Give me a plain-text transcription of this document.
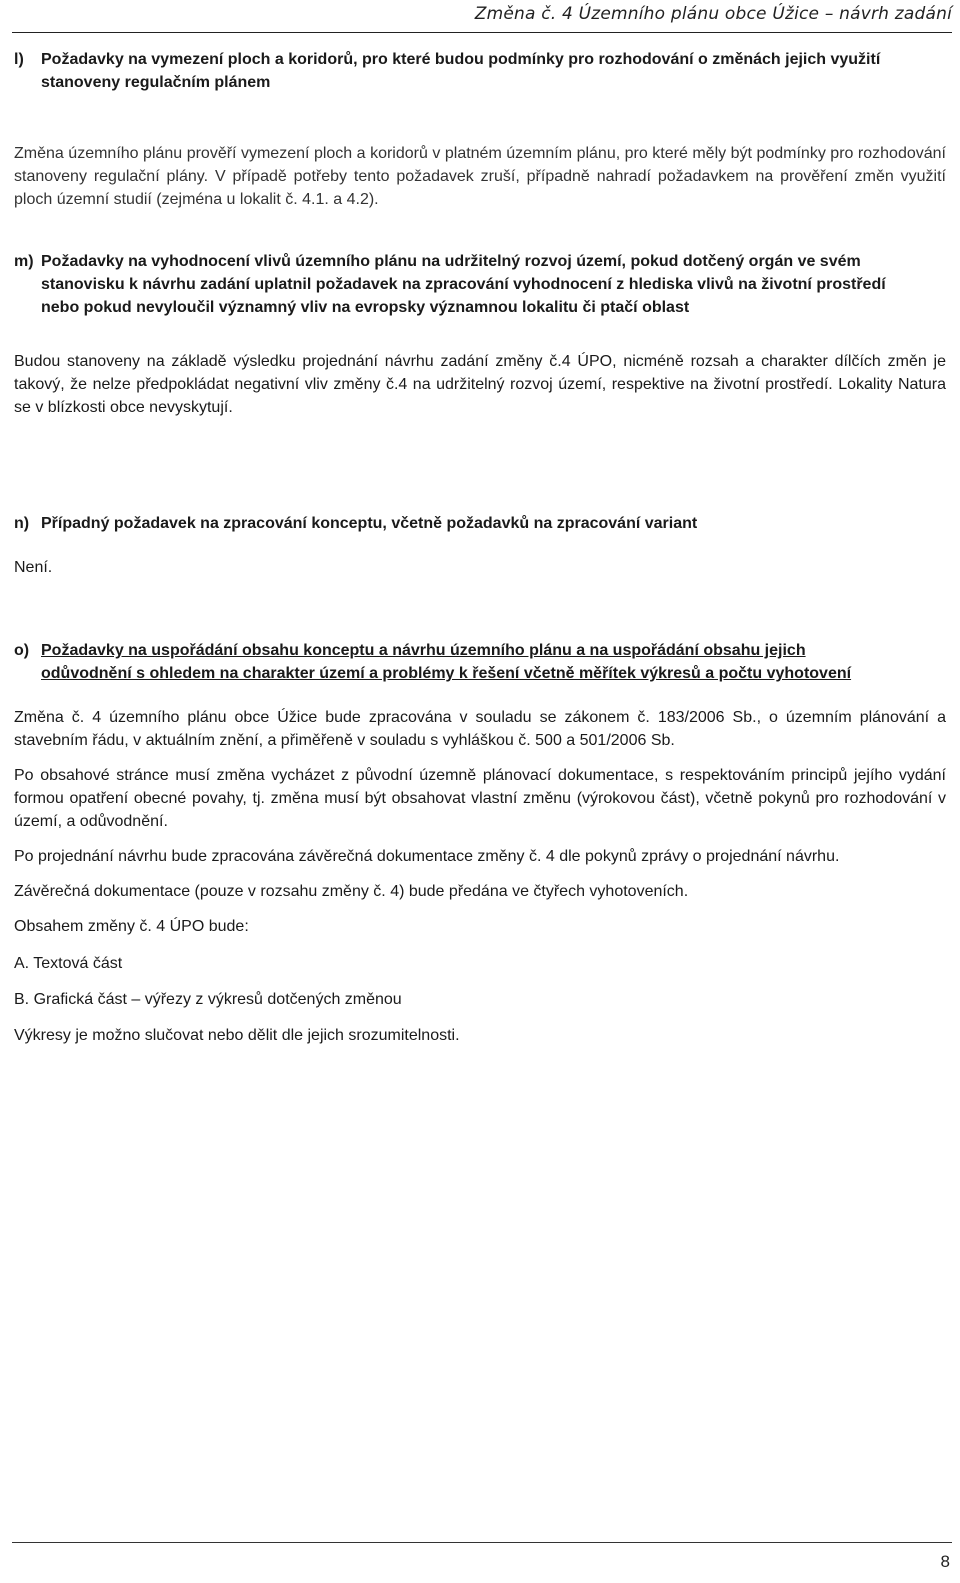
Změna č. 4 Územního plánu obce Úžice – návrh zadání
l) Požadavky na vymezení ploch a koridorů, pro které budou podmínky pro rozhodování o změnách jejich využití
stanoveny regulačním plánem

Změna územního plánu prověří vymezení ploch a koridorů v platném územním plánu, pro které měly být podmínky pro rozhodování stanoveny regulační plány. V případě potřeby tento požadavek zruší, případně nahradí požadavkem na prověření změn využití ploch územní studií (zejména u lokalit č. 4.1. a 4.2).

m) Požadavky na vyhodnocení vlivů územního plánu na udržitelný rozvoj území, pokud dotčený orgán ve svém
stanovisku k návrhu zadání uplatnil požadavek na zpracování vyhodnocení z hlediska vlivů na životní prostředí
nebo pokud nevyloučil významný vliv na evropsky významnou lokalitu či ptačí oblast

Budou stanoveny na základě výsledku projednání návrhu zadání změny č.4 ÚPO, nicméně rozsah a charakter dílčích změn je takový, že nelze předpokládat negativní vliv změny č.4 na udržitelný rozvoj území, respektive na životní prostředí. Lokality Natura se v blízkosti obce nevyskytují.

n) Případný požadavek na zpracování konceptu, včetně požadavků na zpracování variant

Není.

o) Požadavky na uspořádání obsahu konceptu a návrhu územního plánu a na uspořádání obsahu jejich
odůvodnění s ohledem na charakter území a problémy k řešení včetně měřítek výkresů a počtu vyhotovení

Změna č. 4 územního plánu obce Úžice bude zpracována v souladu se zákonem č. 183/2006 Sb., o územním plánování a stavebním řádu, v aktuálním znění, a přiměřeně v souladu s vyhláškou č. 500 a 501/2006 Sb.

Po obsahové stránce musí změna vycházet z původní územně plánovací dokumentace, s respektováním principů jejího vydání formou opatření obecné povahy, tj. změna musí být obsahovat vlastní změnu (výrokovou část), včetně pokynů pro rozhodování v území, a odůvodnění.

Po projednání návrhu bude zpracována závěrečná dokumentace změny č. 4 dle pokynů zprávy o projednání návrhu.

Závěrečná dokumentace (pouze v rozsahu změny č. 4) bude předána ve čtyřech vyhotoveních.

Obsahem změny č. 4 ÚPO bude:

A. Textová část

B. Grafická část – výřezy z výkresů dotčených změnou

Výkresy je možno slučovat nebo dělit dle jejich srozumitelnosti.

8
